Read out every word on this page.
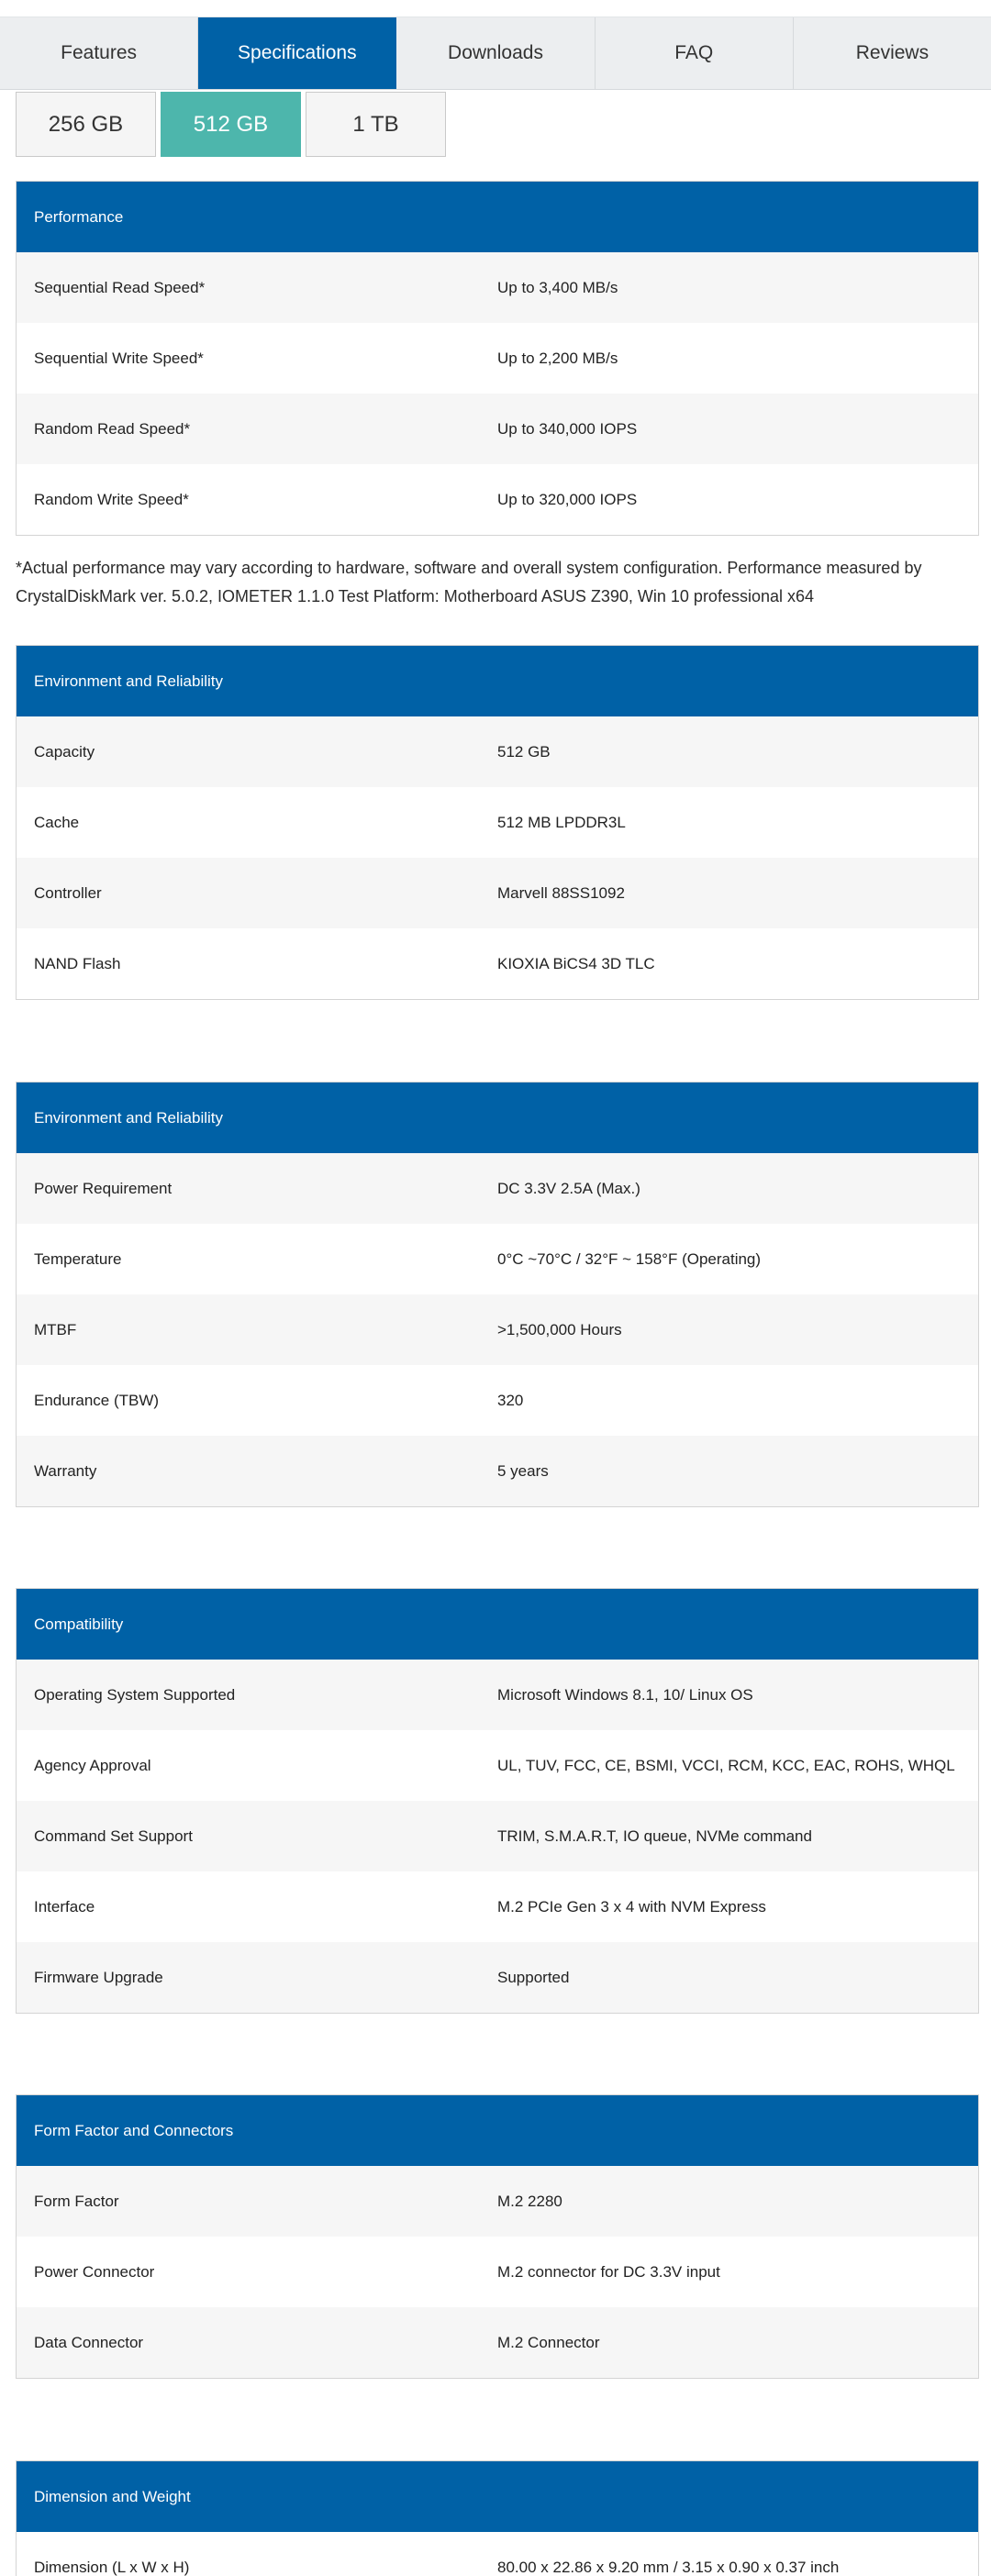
Features	Specifications	Downloads	FAQ	Reviews
256 GB	512 GB	1 TB
Performance
Sequential Read Speed*	Up to 3,400 MB/s
Sequential Write Speed*	Up to 2,200 MB/s
Random Read Speed*	Up to 340,000 IOPS
Random Write Speed*	Up to 320,000 IOPS

*Actual performance may vary according to hardware, software and overall system configuration. Performance measured by CrystalDiskMark ver. 5.0.2, IOMETER 1.1.0 Test Platform: Motherboard ASUS Z390, Win 10 professional x64

Environment and Reliability
Capacity	512 GB
Cache	512 MB LPDDR3L
Controller	Marvell 88SS1092
NAND Flash	KIOXIA BiCS4 3D TLC
Environment and Reliability
Power Requirement	DC 3.3V 2.5A (Max.)
Temperature	0°C ~70°C / 32°F ~ 158°F (Operating)
MTBF	>1,500,000 Hours
Endurance (TBW)	320
Warranty	5 years
Compatibility
Operating System Supported	Microsoft Windows 8.1, 10/ Linux OS
Agency Approval	UL, TUV, FCC, CE, BSMI, VCCI, RCM, KCC, EAC, ROHS, WHQL
Command Set Support	TRIM, S.M.A.R.T, IO queue, NVMe command
Interface	M.2 PCIe Gen 3 x 4 with NVM Express
Firmware Upgrade	Supported
Form Factor and Connectors
Form Factor	M.2 2280
Power Connector	M.2 connector for DC 3.3V input
Data Connector	M.2 Connector
Dimension and Weight
Dimension (L x W x H)	80.00 x 22.86 x 9.20 mm / 3.15 x 0.90 x 0.37 inch
